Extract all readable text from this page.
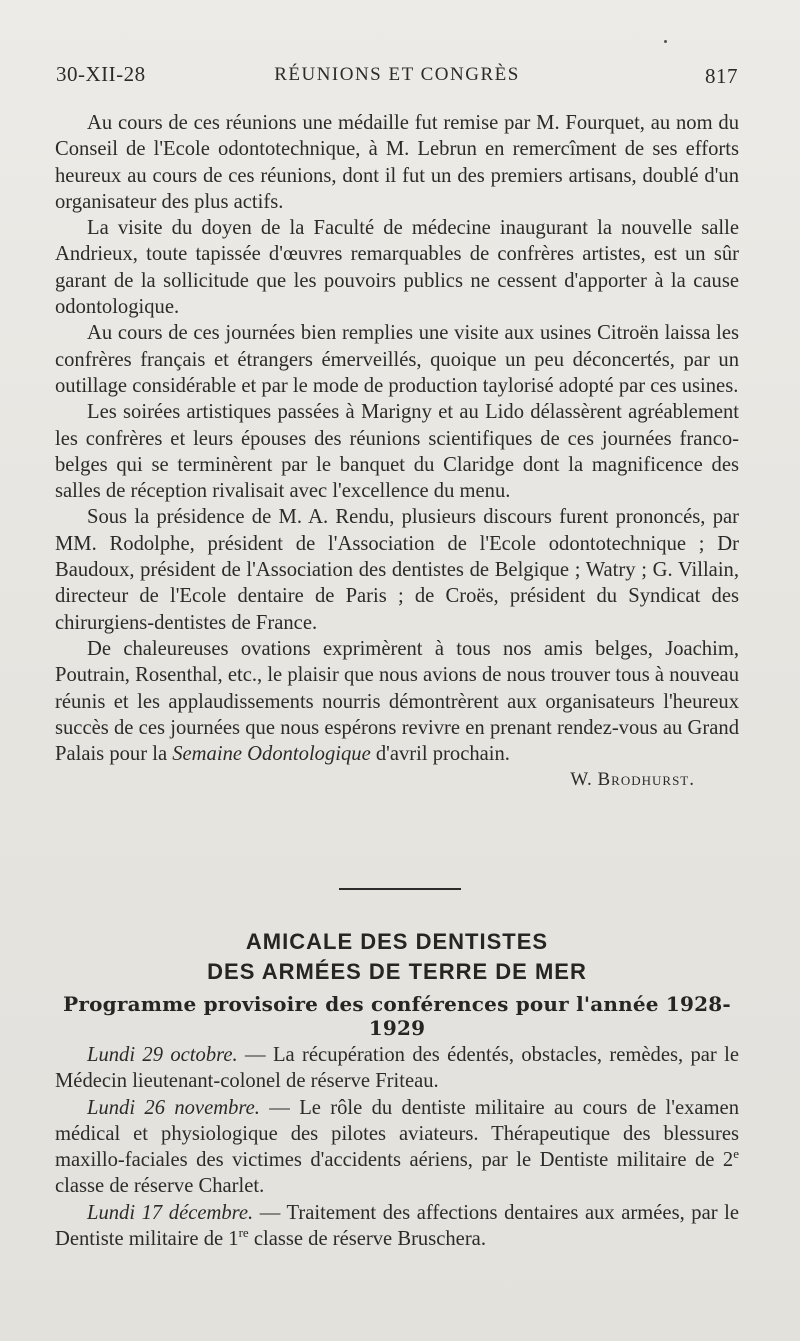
30-XII-28	RÉUNIONS ET CONGRÈS	817

Au cours de ces réunions une médaille fut remise par M. Fourquet, au nom du Conseil de l'Ecole odontotechnique, à M. Lebrun en remercîment de ses efforts heureux au cours de ces réunions, dont il fut un des premiers artisans, doublé d'un organisateur des plus actifs.

La visite du doyen de la Faculté de médecine inaugurant la nouvelle salle Andrieux, toute tapissée d'œuvres remarquables de confrères artistes, est un sûr garant de la sollicitude que les pouvoirs publics ne cessent d'apporter à la cause odontologique.

Au cours de ces journées bien remplies une visite aux usines Citroën laissa les confrères français et étrangers émerveillés, quoique un peu déconcertés, par un outillage considérable et par le mode de production taylorisé adopté par ces usines.

Les soirées artistiques passées à Marigny et au Lido délassèrent agréablement les confrères et leurs épouses des réunions scientifiques de ces journées franco-belges qui se terminèrent par le banquet du Claridge dont la magnificence des salles de réception rivalisait avec l'excellence du menu.

Sous la présidence de M. A. Rendu, plusieurs discours furent prononcés, par MM. Rodolphe, président de l'Association de l'Ecole odontotechnique ; Dr Baudoux, président de l'Association des dentistes de Belgique ; Watry ; G. Villain, directeur de l'Ecole dentaire de Paris ; de Croës, président du Syndicat des chirurgiens-dentistes de France.

De chaleureuses ovations exprimèrent à tous nos amis belges, Joachim, Poutrain, Rosenthal, etc., le plaisir que nous avions de nous trouver tous à nouveau réunis et les applaudissements nourris démontrèrent aux organisateurs l'heureux succès de ces journées que nous espérons revivre en prenant rendez-vous au Grand Palais pour la Semaine Odontologique d'avril prochain.

W. Brodhurst.
AMICALE DES DENTISTES
DES ARMÉES DE TERRE DE MER
Programme provisoire des conférences pour l'année 1928-1929

Lundi 29 octobre. — La récupération des édentés, obstacles, remèdes, par le Médecin lieutenant-colonel de réserve Friteau.

Lundi 26 novembre. — Le rôle du dentiste militaire au cours de l'examen médical et physiologique des pilotes aviateurs. Thérapeutique des blessures maxillo-faciales des victimes d'accidents aériens, par le Dentiste militaire de 2e classe de réserve Charlet.

Lundi 17 décembre. — Traitement des affections dentaires aux armées, par le Dentiste militaire de 1re classe de réserve Bruschera.
